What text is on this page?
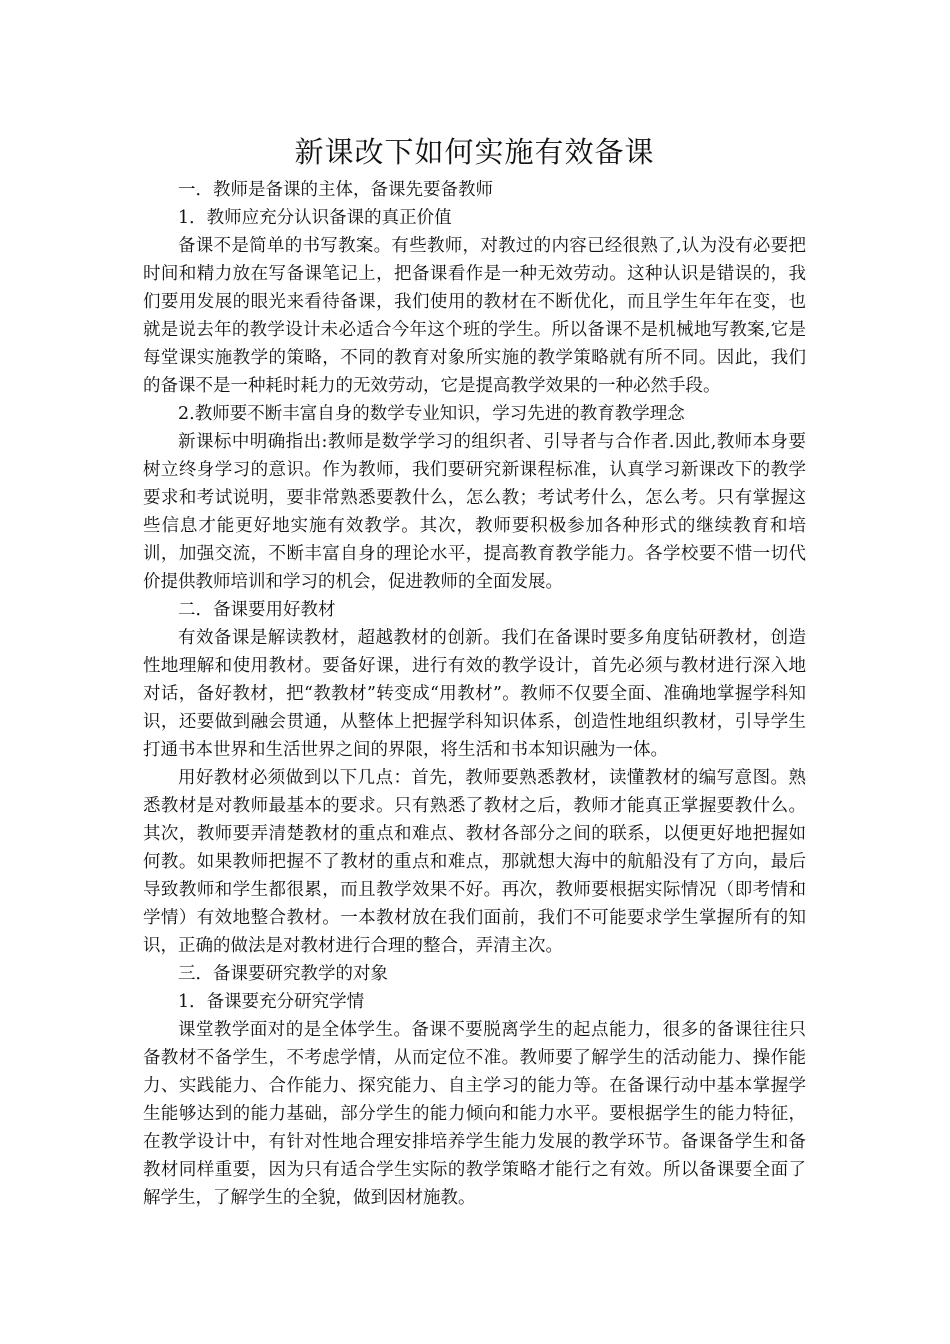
新课改下如何实施有效备课

一．教师是备课的主体，备课先要备教师

1．教师应充分认识备课的真正价值

备课不是简单的书写教案。有些教师，对教过的内容已经很熟了,认为没有必要把时间和精力放在写备课笔记上，把备课看作是一种无效劳动。这种认识是错误的，我们要用发展的眼光来看待备课，我们使用的教材在不断优化，而且学生年年在变，也就是说去年的教学设计未必适合今年这个班的学生。所以备课不是机械地写教案,它是每堂课实施教学的策略，不同的教育对象所实施的教学策略就有所不同。因此，我们的备课不是一种耗时耗力的无效劳动，它是提高教学效果的一种必然手段。

2.教师要不断丰富自身的数学专业知识，学习先进的教育教学理念

新课标中明确指出:教师是数学学习的组织者、引导者与合作者.因此,教师本身要树立终身学习的意识。作为教师，我们要研究新课程标准，认真学习新课改下的教学要求和考试说明，要非常熟悉要教什么，怎么教；考试考什么，怎么考。只有掌握这些信息才能更好地实施有效教学。其次，教师要积极参加各种形式的继续教育和培训，加强交流，不断丰富自身的理论水平，提高教育教学能力。各学校要不惜一切代价提供教师培训和学习的机会，促进教师的全面发展。

二．备课要用好教材

有效备课是解读教材，超越教材的创新。我们在备课时要多角度钻研教材，创造性地理解和使用教材。要备好课，进行有效的教学设计，首先必须与教材进行深入地对话，备好教材，把“教教材”转变成“用教材”。教师不仅要全面、准确地掌握学科知识，还要做到融会贯通，从整体上把握学科知识体系，创造性地组织教材，引导学生打通书本世界和生活世界之间的界限，将生活和书本知识融为一体。

用好教材必须做到以下几点：首先，教师要熟悉教材，读懂教材的编写意图。熟悉教材是对教师最基本的要求。只有熟悉了教材之后，教师才能真正掌握要教什么。其次，教师要弄清楚教材的重点和难点、教材各部分之间的联系，以便更好地把握如何教。如果教师把握不了教材的重点和难点，那就想大海中的航船没有了方向，最后导致教师和学生都很累，而且教学效果不好。再次，教师要根据实际情况（即考情和学情）有效地整合教材。一本教材放在我们面前，我们不可能要求学生掌握所有的知识，正确的做法是对教材进行合理的整合，弄清主次。

三．备课要研究教学的对象

1．备课要充分研究学情

课堂教学面对的是全体学生。备课不要脱离学生的起点能力，很多的备课往往只备教材不备学生，不考虑学情，从而定位不准。教师要了解学生的活动能力、操作能力、实践能力、合作能力、探究能力、自主学习的能力等。在备课行动中基本掌握学生能够达到的能力基础，部分学生的能力倾向和能力水平。要根据学生的能力特征，在教学设计中，有针对性地合理安排培养学生能力发展的教学环节。备课备学生和备教材同样重要，因为只有适合学生实际的教学策略才能行之有效。所以备课要全面了解学生，了解学生的全貌，做到因材施教。
